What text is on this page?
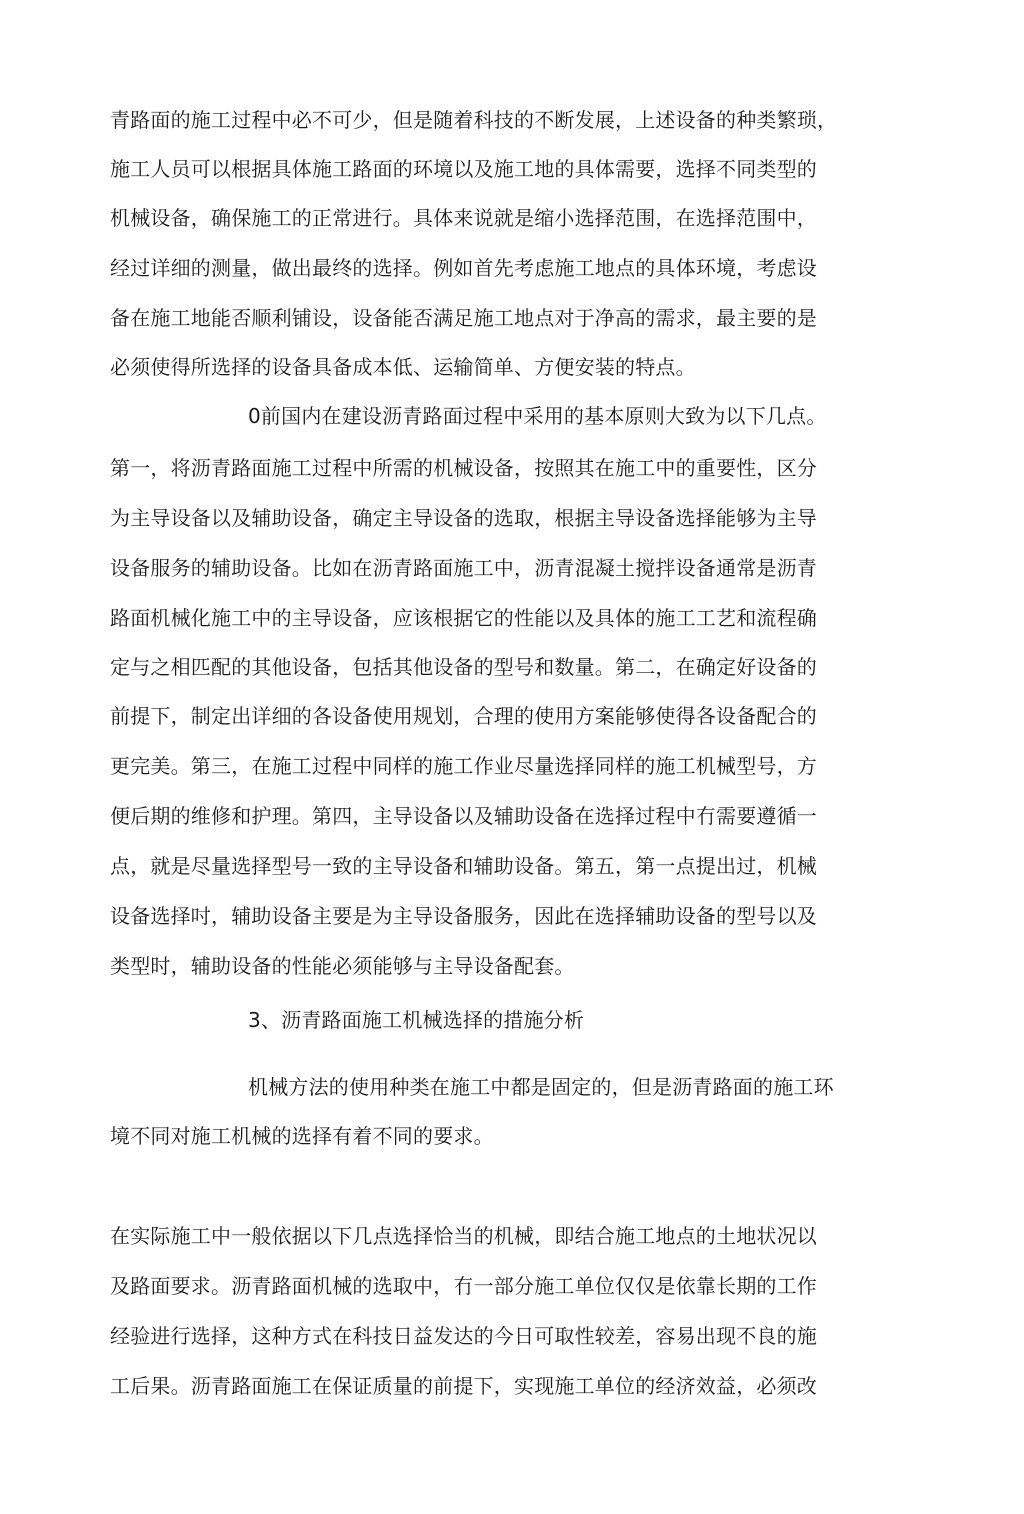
青路面的施工过程中必不可少，但是随着科技的不断发展，上述设备的种类繁琐，
施工人员可以根据具体施工路面的环境以及施工地的具体需要，选择不同类型的
机械设备，确保施工的正常进行。具体来说就是缩小选择范围，在选择范围中，
经过详细的测量，做出最终的选择。例如首先考虑施工地点的具体环境，考虑设
备在施工地能否顺利铺设，设备能否满足施工地点对于净高的需求，最主要的是
必须使得所选择的设备具备成本低、运输简单、方便安装的特点。
0前国内在建设沥青路面过程中采用的基本原则大致为以下几点。
第一，将沥青路面施工过程中所需的机械设备，按照其在施工中的重要性，区分
为主导设备以及辅助设备，确定主导设备的选取，根据主导设备选择能够为主导
设备服务的辅助设备。比如在沥青路面施工中，沥青混凝土搅拌设备通常是沥青
路面机械化施工中的主导设备，应该根据它的性能以及具体的施工工艺和流程确
定与之相匹配的其他设备，包括其他设备的型号和数量。第二，在确定好设备的
前提下，制定出详细的各设备使用规划，合理的使用方案能够使得各设备配合的
更完美。第三，在施工过程中同样的施工作业尽量选择同样的施工机械型号，方
便后期的维修和护理。第四，主导设备以及辅助设备在选择过程中冇需要遵循一
点，就是尽量选择型号一致的主导设备和辅助设备。第五，第一点提出过，机械
设备选择吋，辅助设备主要是为主导设备服务，因此在选择辅助设备的型号以及
类型时，辅助设备的性能必须能够与主导设备配套。
3、沥青路面施工机械选择的措施分析
机械方法的使用种类在施工中都是固定的，但是沥青路面的施工环
境不同对施工机械的选择有着不同的要求。
在实际施工中一般依据以下几点选择恰当的机械，即结合施工地点的土地状况以
及路面要求。沥青路面机械的选取中，冇一部分施工单位仅仅是依靠长期的工作
经验进行选择，这种方式在科技日益发达的今日可取性较差，容易出现不良的施
工后果。沥青路面施工在保证质量的前提下，实现施工单位的经济效益，必须改
